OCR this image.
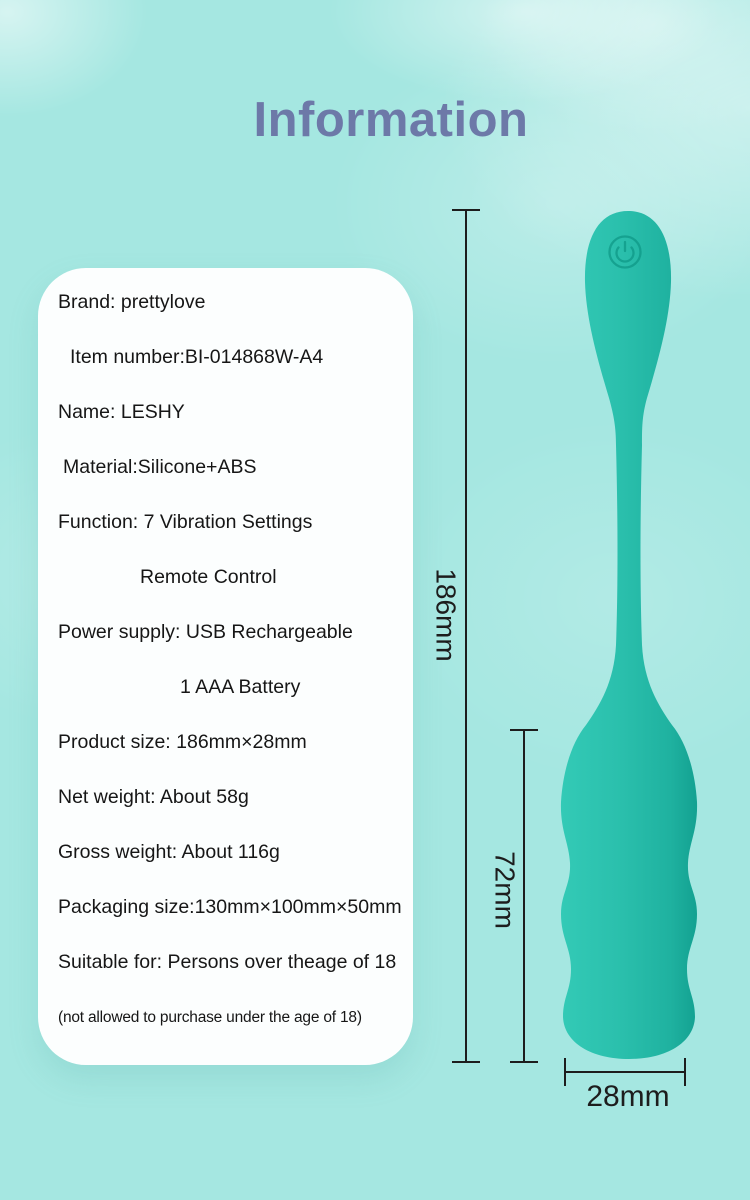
Information
Brand: prettylove
Item number:BI-014868W-A4
Name: LESHY
Material:Silicone+ABS
Function: 7 Vibration Settings
Remote Control
Power supply: USB Rechargeable
1 AAA Battery
Product size: 186mm×28mm
Net weight: About 58g
Gross weight: About 116g
Packaging size:130mm×100mm×50mm
Suitable for: Persons over theage of 18
(not allowed to purchase under the age of 18)
186mm
72mm
28mm
